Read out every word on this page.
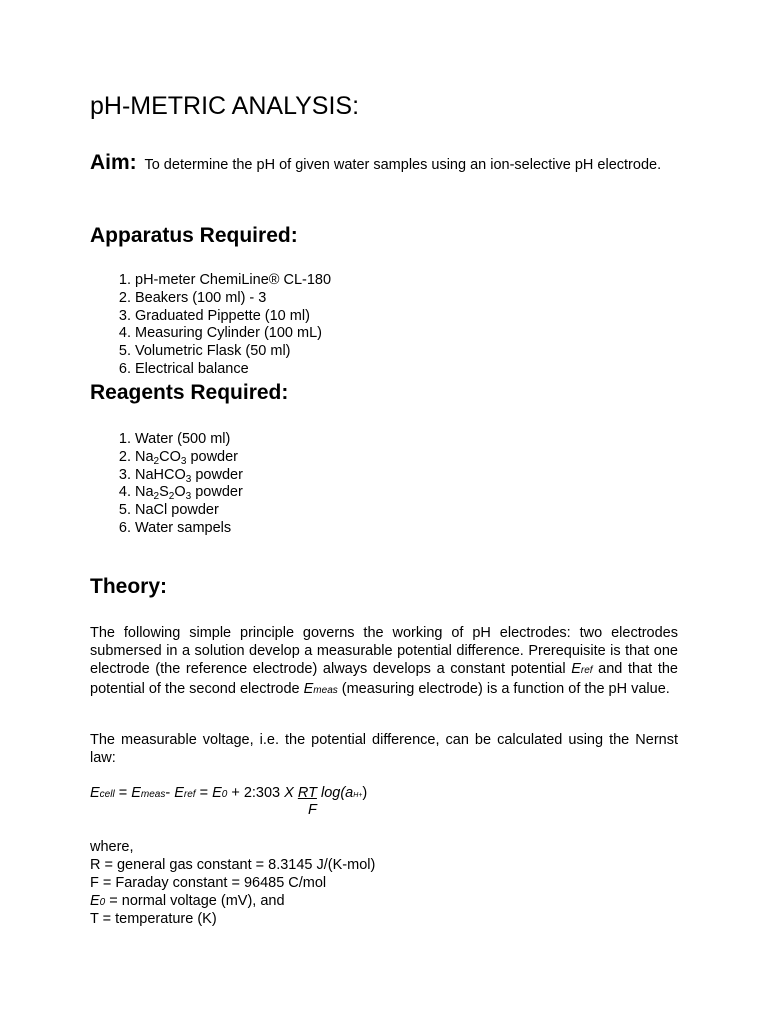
pH-METRIC ANALYSIS:
Aim: To determine the pH of given water samples using an ion-selective pH electrode.
Apparatus Required:
1. pH-meter ChemiLine® CL-180
2. Beakers (100 ml) - 3
3. Graduated Pippette (10 ml)
4. Measuring Cylinder (100 mL)
5. Volumetric Flask (50 ml)
6. Electrical balance
Reagents Required:
1. Water (500 ml)
2. $Na_2CO_3$ powder
3. NaHCO$_3$ powder
4. $Na_2S_2O_3$ powder
5. NaCl powder
6. Water sampels
Theory:
The following simple principle governs the working of pH electrodes: two electrodes submersed in a solution develop a measurable potential difference. Prerequisite is that one electrode (the reference electrode) always develops a constant potential Eref and that the potential of the second electrode Emeas (measuring electrode) is a function of the pH value.
The measurable voltage, i.e. the potential difference, can be calculated using the Nernst law:
Ecell = Emeas- Eref = E0 + 2:303 X RT log(aH+)
F
where,
R = general gas constant = 8.3145 J/(K-mol)
F = Faraday constant = 96485 C/mol
E0 = normal voltage (mV), and
T = temperature (K)
